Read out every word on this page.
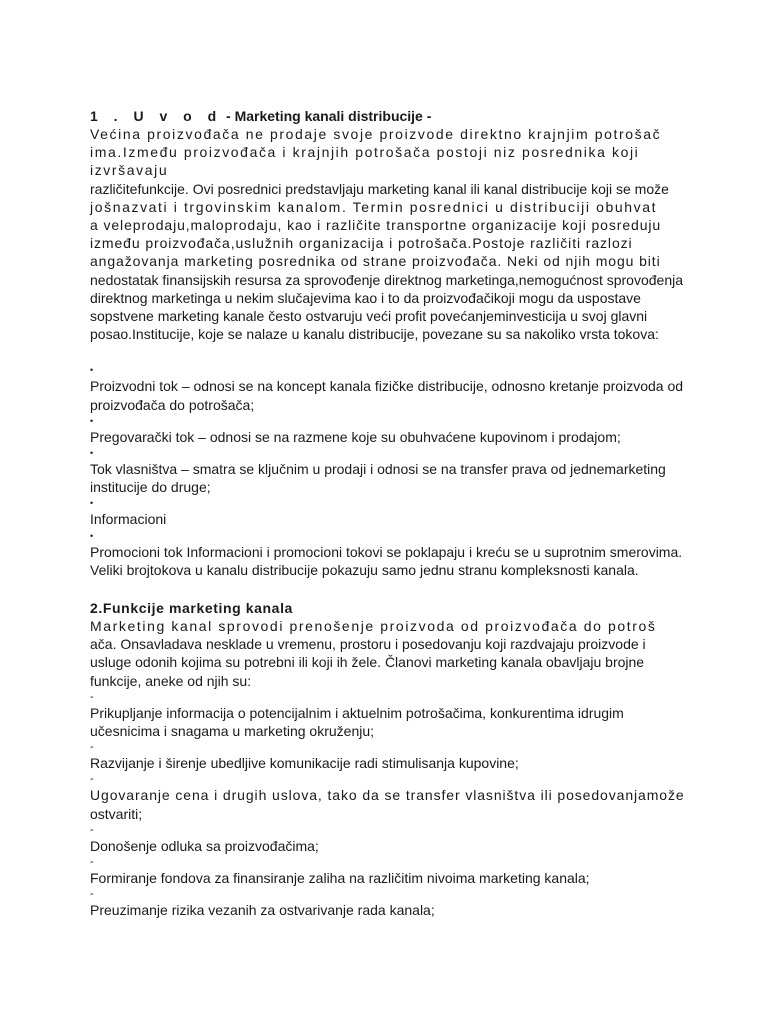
1 . U v o d - Marketing kanali distribucije -
Većina proizvođača ne prodaje svoje proizvode direktno krajnjim potrošač
ima.Između proizvođača i krajnjih potrošača postoji niz posrednika koji izvršavaju
različitefunkcije. Ovi posrednici predstavljaju marketing kanal ili kanal distribucije koji se može
jošnazvati i trgovinskim kanalom. Termin posrednici u distribuciji obuhvat
a veleprodaju,maloprodaju, kao i različite transportne organizacije koji posreduju
između proizvođača,uslužnih organizacija i potrošača.Postoje različiti razlozi
angažovanja marketing posrednika od strane proizvođača. Neki od njih mogu biti
nedostatak finansijskih resursa za sprovođenje direktnog marketinga,nemogućnost sprovođenja
direktnog marketinga u nekim slučajevima kao i to da proizvođačikoji mogu da uspostave
sopstvene marketing kanale često ostvaruju veći profit povećanjeminvesticija u svoj glavni
posao.Institucije, koje se nalaze u kanalu distribucije, povezane su sa nakoliko vrsta tokova:
•
Proizvodni tok – odnosi se na koncept kanala fizičke distribucije, odnosno kretanje proizvoda od
proizvođača do potrošača;
•
Pregovarački tok – odnosi se na razmene koje su obuhvaćene kupovinom i prodajom;
•
Tok vlasništva – smatra se ključnim u prodaji i odnosi se na transfer prava od jednemarketing
institucije do druge;
•
Informacioni
•
Promocioni tok Informacioni i promocioni tokovi se poklapaju i kreću se u suprotnim smerovima.
Veliki brojtokova u kanalu distribucije pokazuju samo jednu stranu kompleksnosti kanala.
2.Funkcije marketing kanala
Marketing kanal sprovodi prenošenje proizvoda od proizvođača do potroš
ača. Onsavladava nesklade u vremenu, prostoru i posedovanju koji razdvajaju proizvode i
usluge odonih kojima su potrebni ili koji ih žele. Članovi marketing kanala obavljaju brojne
funkcije, aneke od njih su:
-
Prikupljanje informacija o potencijalnim i aktuelnim potrošačima, konkurentima idrugim
učesnicima i snagama u marketing okruženju;
-
Razvijanje i širenje ubedljive komunikacije radi stimulisanja kupovine;
-
Ugovaranje cena i drugih uslova, tako da se transfer vlasništva ili posedovanjamože
ostvariti;
-
Donošenje odluka sa proizvođačima;
-
Formiranje fondova za finansiranje zaliha na različitim nivoima marketing kanala;
-
Preuzimanje rizika vezanih za ostvarivanje rada kanala;
